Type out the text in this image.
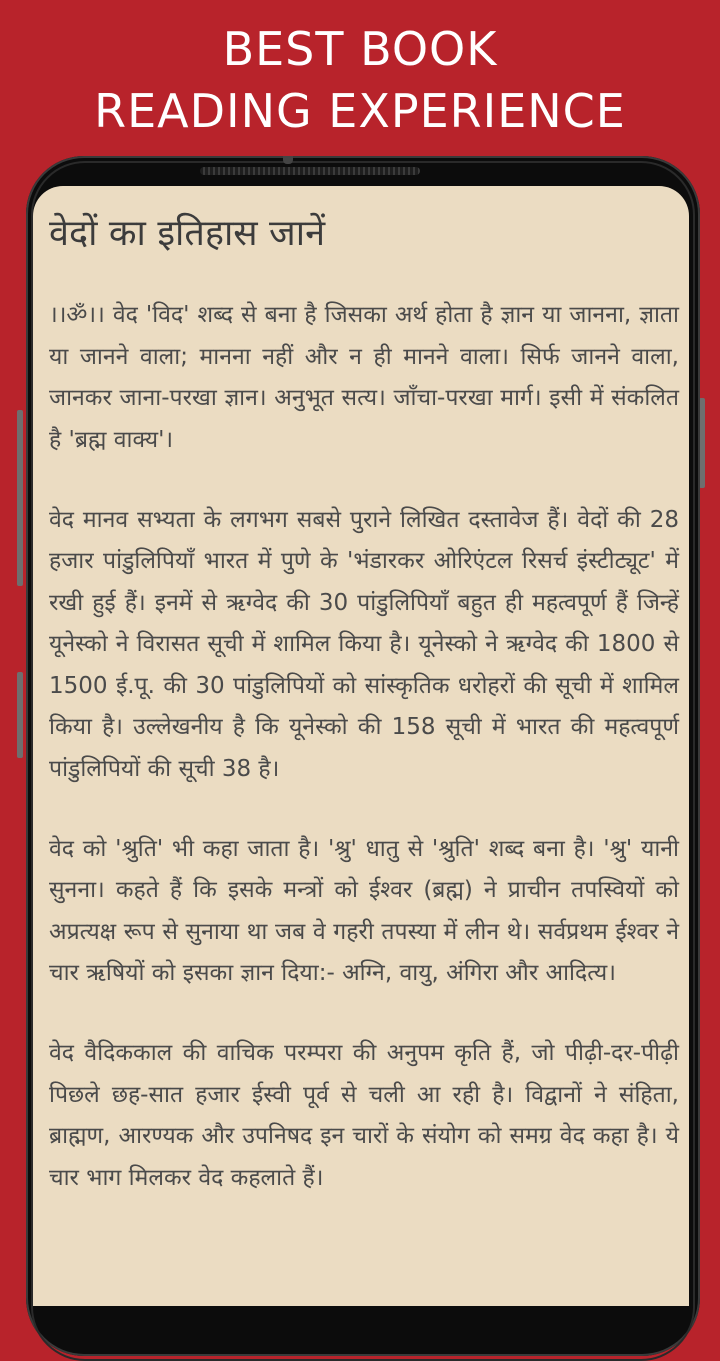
BEST BOOK
READING EXPERIENCE
वेदों का इतिहास जानें

।।ॐ।। वेद 'विद' शब्द से बना है जिसका अर्थ होता है ज्ञान या जानना, ज्ञाता या जानने वाला; मानना नहीं और न ही मानने वाला। सिर्फ जानने वाला, जानकर जाना-परखा ज्ञान। अनुभूत सत्य। जाँचा-परखा मार्ग। इसी में संकलित है 'ब्रह्म वाक्य'।

वेद मानव सभ्यता के लगभग सबसे पुराने लिखित दस्तावेज हैं। वेदों की 28 हजार पांडुलिपियाँ भारत में पुणे के 'भंडारकर ओरिएंटल रिसर्च इंस्टीट्यूट' में रखी हुई हैं। इनमें से ऋग्वेद की 30 पांडुलिपियाँ बहुत ही महत्वपूर्ण हैं जिन्हें यूनेस्को ने विरासत सूची में शामिल किया है। यूनेस्को ने ऋग्वेद की 1800 से 1500 ई.पू. की 30 पांडुलिपियों को सांस्कृतिक धरोहरों की सूची में शामिल किया है। उल्लेखनीय है कि यूनेस्को की 158 सूची में भारत की महत्वपूर्ण पांडुलिपियों की सूची 38 है।

वेद को 'श्रुति' भी कहा जाता है। 'श्रु' धातु से 'श्रुति' शब्द बना है। 'श्रु' यानी सुनना। कहते हैं कि इसके मन्त्रों को ईश्वर (ब्रह्म) ने प्राचीन तपस्वियों को अप्रत्यक्ष रूप से सुनाया था जब वे गहरी तपस्या में लीन थे। सर्वप्रथम ईश्वर ने चार ऋषियों को इसका ज्ञान दिया:- अग्नि, वायु, अंगिरा और आदित्य।

वेद वैदिककाल की वाचिक परम्परा की अनुपम कृति हैं, जो पीढ़ी-दर-पीढ़ी पिछले छह-सात हजार ईस्वी पूर्व से चली आ रही है। विद्वानों ने संहिता, ब्राह्मण, आरण्यक और उपनिषद इन चारों के संयोग को समग्र वेद कहा है। ये चार भाग मिलकर वेद कहलाते हैं।
